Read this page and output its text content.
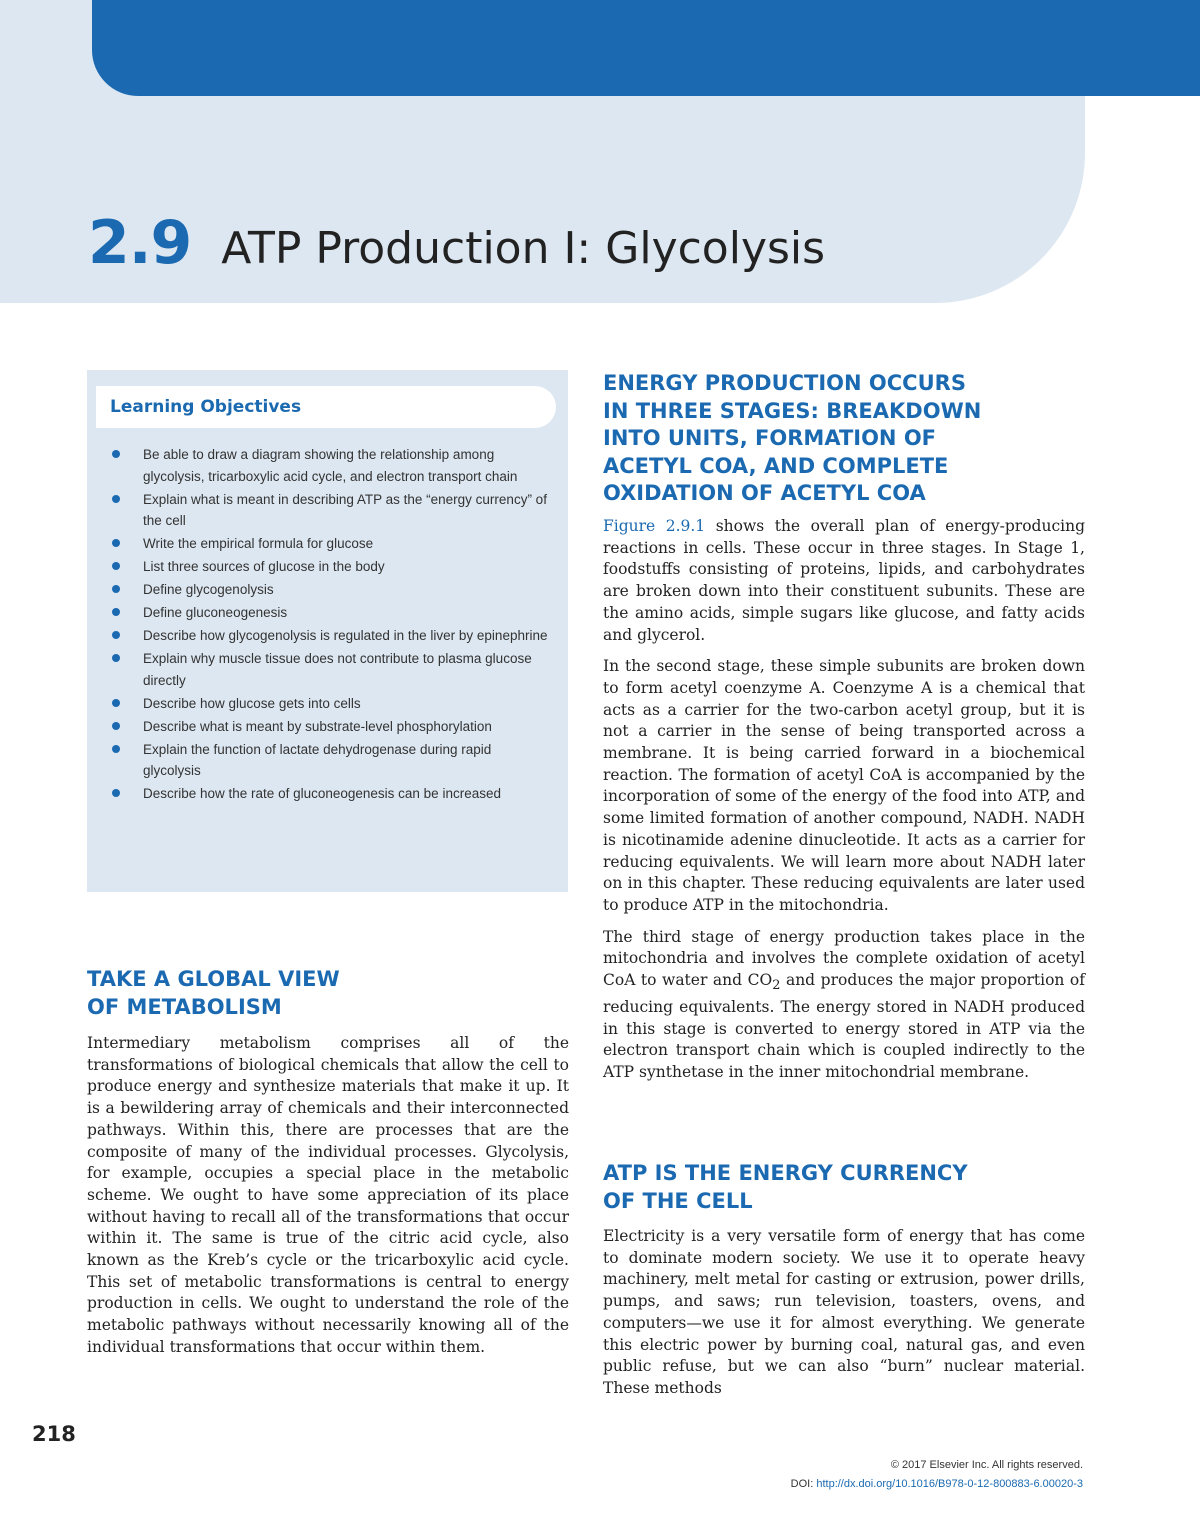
2.9 ATP Production I: Glycolysis
Learning Objectives
Be able to draw a diagram showing the relationship among glycolysis, tricarboxylic acid cycle, and electron transport chain
Explain what is meant in describing ATP as the “energy currency” of the cell
Write the empirical formula for glucose
List three sources of glucose in the body
Define glycogenolysis
Define gluconeogenesis
Describe how glycogenolysis is regulated in the liver by epinephrine
Explain why muscle tissue does not contribute to plasma glucose directly
Describe how glucose gets into cells
Describe what is meant by substrate-level phosphorylation
Explain the function of lactate dehydrogenase during rapid glycolysis
Describe how the rate of gluconeogenesis can be increased
TAKE A GLOBAL VIEW
OF METABOLISM

Intermediary metabolism comprises all of the transformations of biological chemicals that allow the cell to produce energy and synthesize materials that make it up. It is a bewildering array of chemicals and their interconnected pathways. Within this, there are processes that are the composite of many of the individual processes. Glycolysis, for example, occupies a special place in the metabolic scheme. We ought to have some appreciation of its place without having to recall all of the transformations that occur within it. The same is true of the citric acid cycle, also known as the Kreb’s cycle or the tricarboxylic acid cycle. This set of metabolic transformations is central to energy production in cells. We ought to understand the role of the metabolic pathways without necessarily knowing all of the individual transformations that occur within them.

ENERGY PRODUCTION OCCURS
IN THREE STAGES: BREAKDOWN
INTO UNITS, FORMATION OF
ACETYL COA, AND COMPLETE
OXIDATION OF ACETYL COA

Figure 2.9.1 shows the overall plan of energy-producing reactions in cells. These occur in three stages. In Stage 1, foodstuffs consisting of proteins, lipids, and carbohydrates are broken down into their constituent subunits. These are the amino acids, simple sugars like glucose, and fatty acids and glycerol.

In the second stage, these simple subunits are broken down to form acetyl coenzyme A. Coenzyme A is a chemical that acts as a carrier for the two-carbon acetyl group, but it is not a carrier in the sense of being transported across a membrane. It is being carried forward in a biochemical reaction. The formation of acetyl CoA is accompanied by the incorporation of some of the energy of the food into ATP, and some limited formation of another compound, NADH. NADH is nicotinamide adenine dinucleotide. It acts as a carrier for reducing equivalents. We will learn more about NADH later on in this chapter. These reducing equivalents are later used to produce ATP in the mitochondria.

The third stage of energy production takes place in the mitochondria and involves the complete oxidation of acetyl CoA to water and $CO_2$ and produces the major proportion of reducing equivalents. The energy stored in NADH produced in this stage is converted to energy stored in ATP via the electron transport chain which is coupled indirectly to the ATP synthetase in the inner mitochondrial membrane.

ATP IS THE ENERGY CURRENCY
OF THE CELL

Electricity is a very versatile form of energy that has come to dominate modern society. We use it to operate heavy machinery, melt metal for casting or extrusion, power drills, pumps, and saws; run television, toasters, ovens, and computers—we use it for almost everything. We generate this electric power by burning coal, natural gas, and even public refuse, but we can also “burn” nuclear material. These methods

218
© 2017 Elsevier Inc. All rights reserved.
DOI: http://dx.doi.org/10.1016/B978-0-12-800883-6.00020-3
